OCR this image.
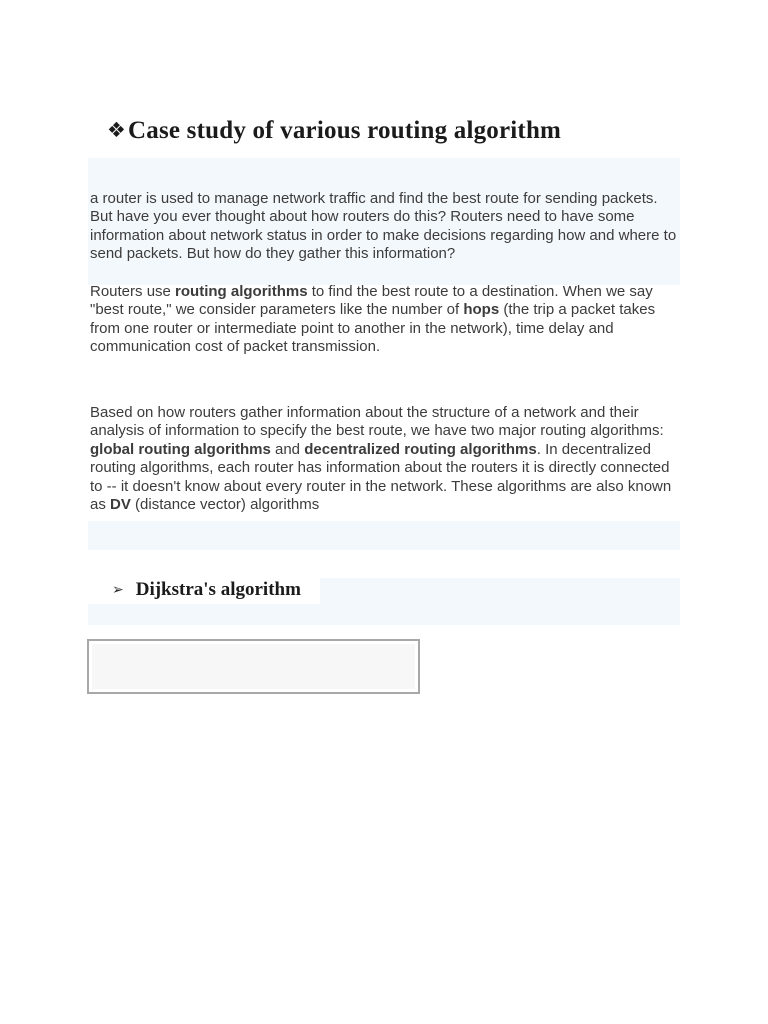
❖Case study of various routing algorithm

a router is used to manage network traffic and find the best route for sending packets. But have you ever thought about how routers do this? Routers need to have some information about network status in order to make decisions regarding how and where to send packets. But how do they gather this information?

Routers use routing algorithms to find the best route to a destination. When we say "best route," we consider parameters like the number of hops (the trip a packet takes from one router or intermediate point to another in the network), time delay and communication cost of packet transmission.

Based on how routers gather information about the structure of a network and their analysis of information to specify the best route, we have two major routing algorithms: global routing algorithms and decentralized routing algorithms. In decentralized routing algorithms, each router has information about the routers it is directly connected to -- it doesn't know about every router in the network. These algorithms are also known as DV (distance vector) algorithms

➢ Dijkstra's algorithm
